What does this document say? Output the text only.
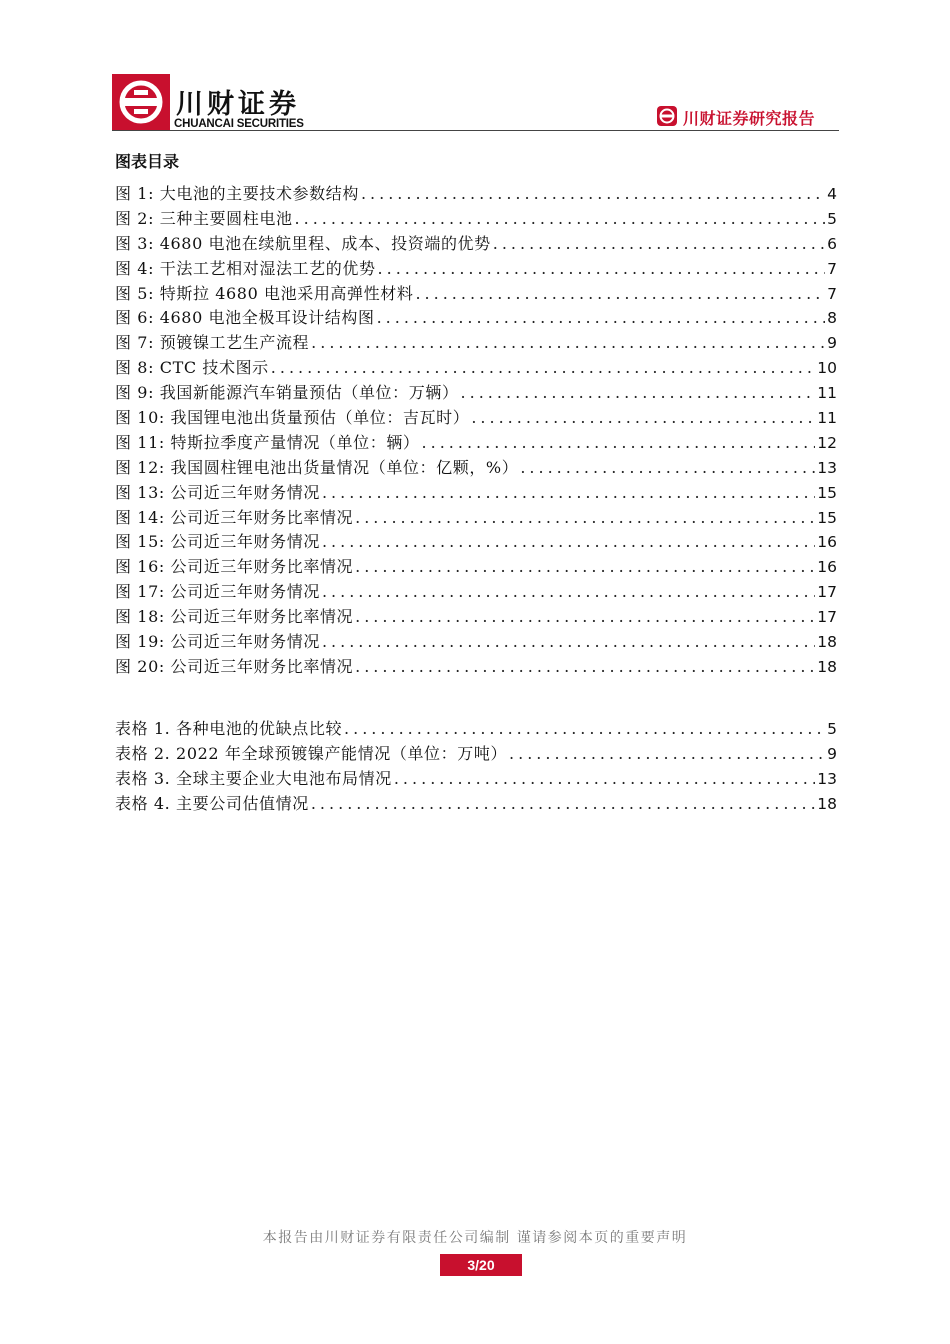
川财证券
CHUANCAI SECURITIES	川财证券研究报告
图表目录
图 1: 大电池的主要技术参数结构 .....	4
图 2: 三种主要圆柱电池 .....	5
图 3: 4680 电池在续航里程、成本、投资端的优势 .....	6
图 4: 干法工艺相对湿法工艺的优势 .....	7
图 5: 特斯拉 4680 电池采用高弹性材料 .....	7
图 6: 4680 电池全极耳设计结构图 .....	8
图 7: 预镀镍工艺生产流程 .....	9
图 8: CTC 技术图示 .....	10
图 9: 我国新能源汽车销量预估（单位：万辆） .....	11
图 10: 我国锂电池出货量预估（单位：吉瓦时） .....	11
图 11: 特斯拉季度产量情况（单位：辆） .....	12
图 12: 我国圆柱锂电池出货量情况（单位：亿颗，%） .....	13
图 13: 公司近三年财务情况 .....	15
图 14: 公司近三年财务比率情况 .....	15
图 15: 公司近三年财务情况 .....	16
图 16: 公司近三年财务比率情况 .....	16
图 17: 公司近三年财务情况 .....	17
图 18: 公司近三年财务比率情况 .....	17
图 19: 公司近三年财务情况 .....	18
图 20: 公司近三年财务比率情况 .....	18
表格 1. 各种电池的优缺点比较 .....	5
表格 2. 2022 年全球预镀镍产能情况（单位：万吨） .....	9
表格 3. 全球主要企业大电池布局情况 .....	13
表格 4. 主要公司估值情况 .....	18
本报告由川财证券有限责任公司编制 谨请参阅本页的重要声明
3/20
